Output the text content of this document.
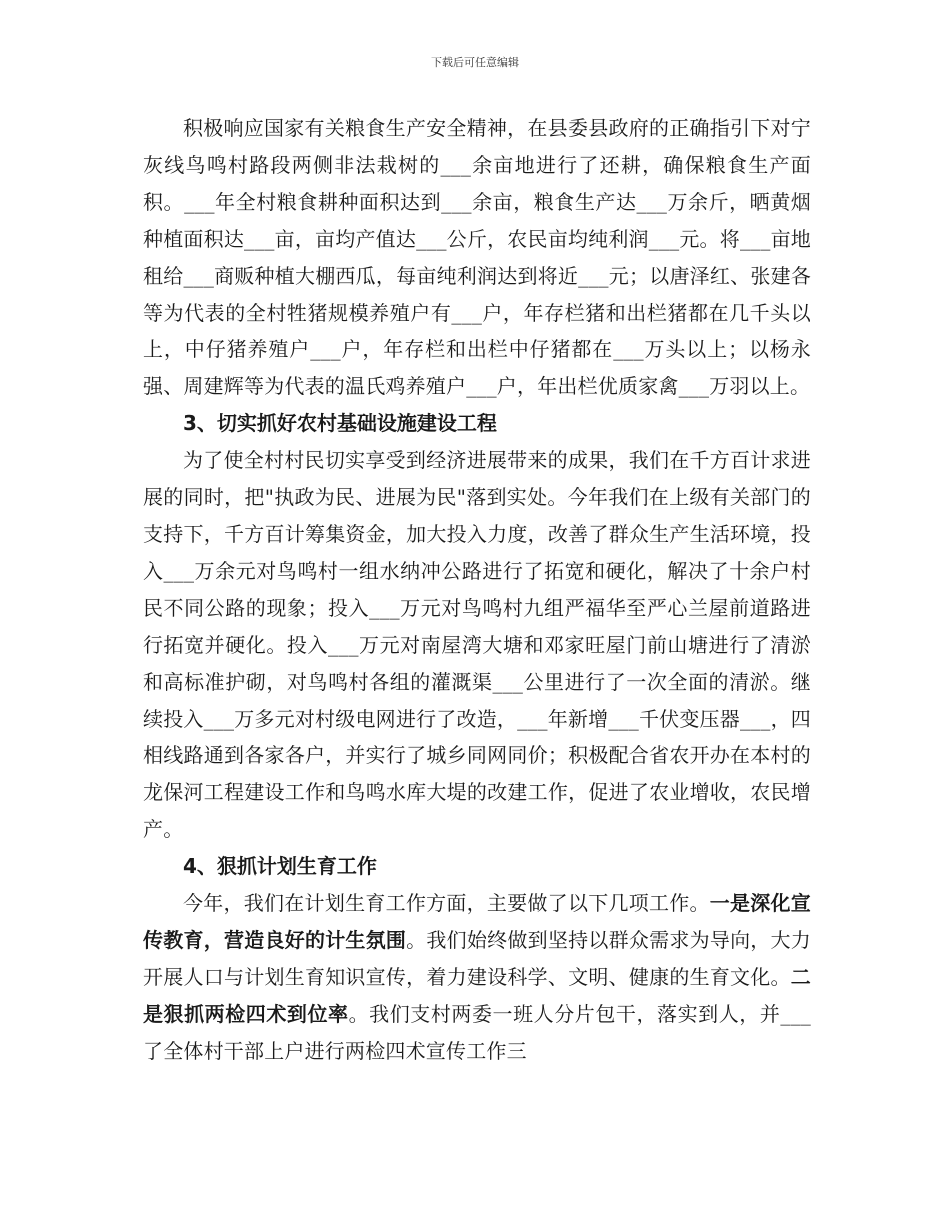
下载后可任意编辑

积极响应国家有关粮食生产安全精神，在县委县政府的正确指引下对宁灰线鸟鸣村路段两侧非法栽树的___余亩地进行了还耕，确保粮食生产面积。___年全村粮食耕种面积达到___余亩，粮食生产达___万余斤，晒黄烟种植面积达___亩，亩均产值达___公斤，农民亩均纯利润___元。将___亩地租给___商贩种植大棚西瓜，每亩纯利润达到将近___元；以唐泽红、张建各等为代表的全村牲猪规模养殖户有___户，年存栏猪和出栏猪都在几千头以上，中仔猪养殖户___户，年存栏和出栏中仔猪都在___万头以上；以杨永强、周建辉等为代表的温氏鸡养殖户___户，年出栏优质家禽___万羽以上。

3、切实抓好农村基础设施建设工程

为了使全村村民切实享受到经济进展带来的成果，我们在千方百计求进展的同时，把"执政为民、进展为民"落到实处。今年我们在上级有关部门的支持下，千方百计筹集资金，加大投入力度，改善了群众生产生活环境，投入___万余元对鸟鸣村一组水纳冲公路进行了拓宽和硬化，解决了十余户村民不同公路的现象；投入___万元对鸟鸣村九组严福华至严心兰屋前道路进行拓宽并硬化。投入___万元对南屋湾大塘和邓家旺屋门前山塘进行了清淤和高标准护砌，对鸟鸣村各组的灌溉渠___公里进行了一次全面的清淤。继续投入___万多元对村级电网进行了改造，___年新增___千伏变压器___，四相线路通到各家各户，并实行了城乡同网同价；积极配合省农开办在本村的龙保河工程建设工作和鸟鸣水库大堤的改建工作，促进了农业增收，农民增产。

4、狠抓计划生育工作

今年，我们在计划生育工作方面，主要做了以下几项工作。一是深化宣传教育，营造良好的计生氛围。我们始终做到坚持以群众需求为导向，大力开展人口与计划生育知识宣传，着力建设科学、文明、健康的生育文化。二是狠抓两检四术到位率。我们支村两委一班人分片包干，落实到人，并___了全体村干部上户进行两检四术宣传工作三
